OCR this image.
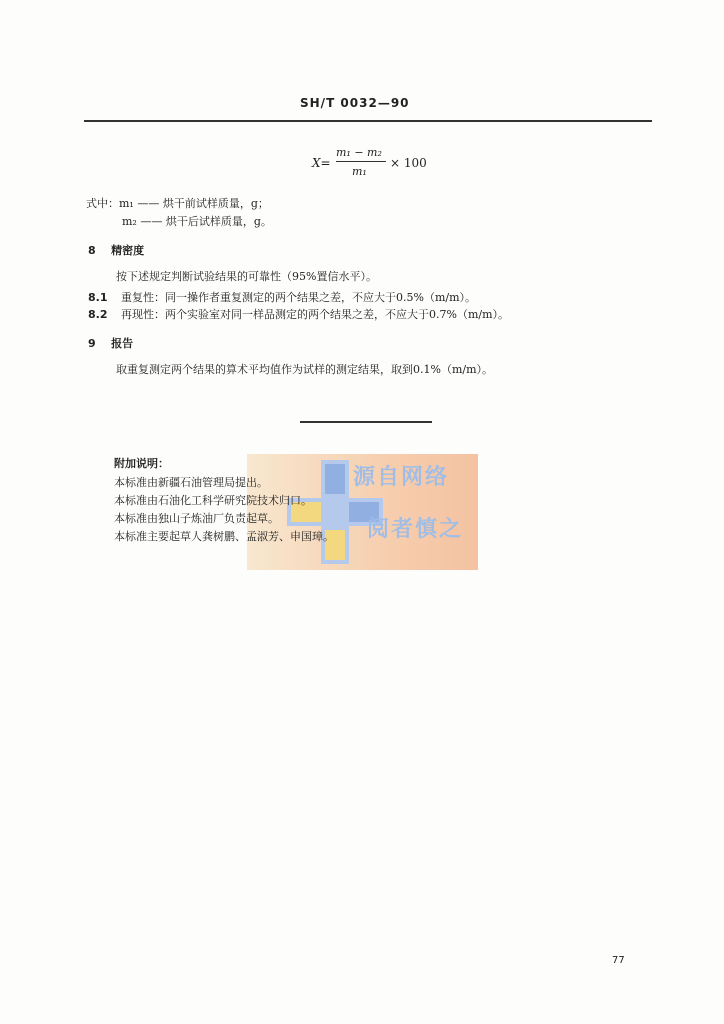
SH/T 0032—90
X=
m₁ − m₂
m₁
× 100
式中：m₁ —— 烘干前试样质量，g；
m₂ —— 烘干后试样质量，g。
8 精密度
按下述规定判断试验结果的可靠性（95%置信水平）。
8.1 重复性：同一操作者重复测定的两个结果之差，不应大于0.5%（m/m）。
8.2 再现性：两个实验室对同一样品测定的两个结果之差，不应大于0.7%（m/m）。
9 报告
取重复测定两个结果的算术平均值作为试样的测定结果，取到0.1%（m/m）。
源自网络
阅者慎之
附加说明：
本标准由新疆石油管理局提出。
本标准由石油化工科学研究院技术归口。
本标准由独山子炼油厂负责起草。
本标准主要起草人龚树鹏、孟淑芳、申国璋。
77
